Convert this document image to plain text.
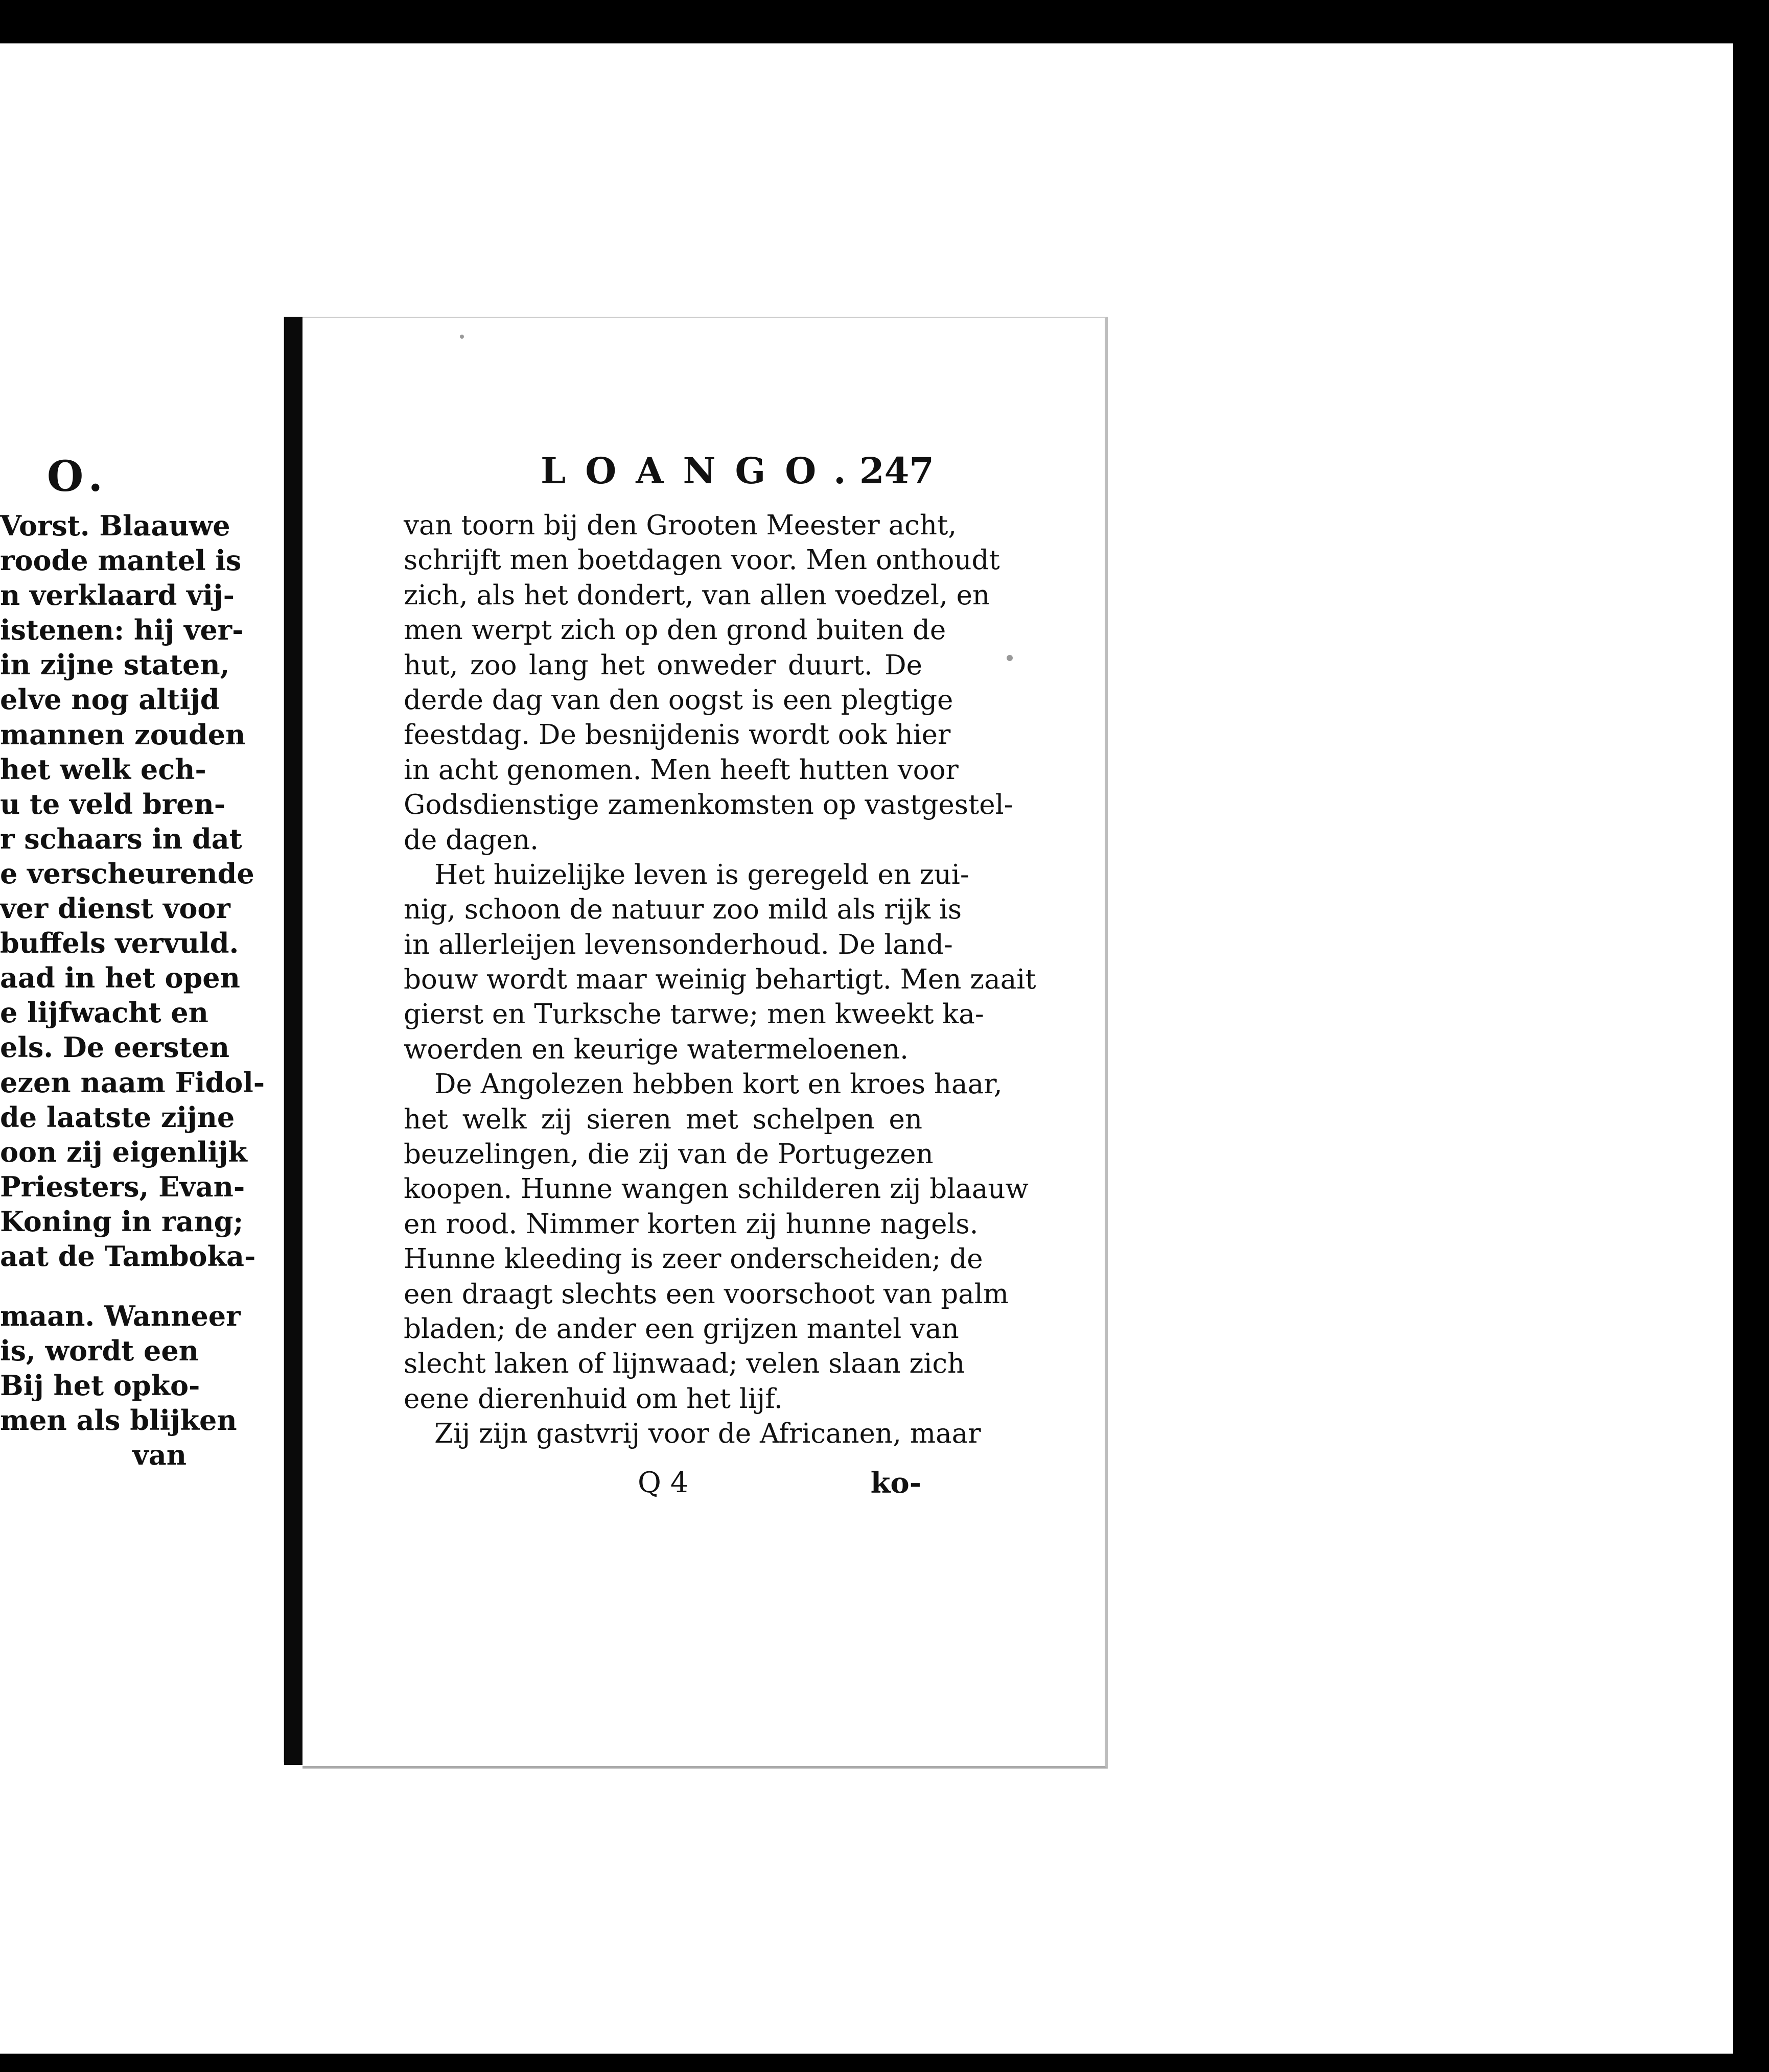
O.
Vorst. Blaauwe
roode mantel is
n verklaard vij-
istenen: hij ver-
in zijne staten,
elve nog altijd
mannen zouden
het welk ech-
u te veld bren-
r schaars in dat
e verscheurende
ver dienst voor
buffels vervuld.
aad in het open
e lijfwacht en
els. De eersten
ezen naam Fidol-
de laatste zijne
oon zij eigenlijk
Priesters, Evan-
Koning in rang;
aat de Tamboka-
maan. Wanneer
is, wordt een
Bij het opko-
men als blijken
van
LOANGO.
247
van toorn bij den Grooten Meester acht,
schrijft men boetdagen voor. Men onthoudt
zich, als het dondert, van allen voedzel, en
men werpt zich op den grond buiten de
hut, zoo lang het onweder duurt. De
derde dag van den oogst is een plegtige
feestdag. De besnijdenis wordt ook hier
in acht genomen. Men heeft hutten voor
Godsdienstige zamenkomsten op vastgestel-
de dagen.
Het huizelijke leven is geregeld en zui-
nig, schoon de natuur zoo mild als rijk is
in allerleijen levensonderhoud. De land-
bouw wordt maar weinig behartigt. Men zaait
gierst en Turksche tarwe; men kweekt ka-
woerden en keurige watermeloenen.
De Angolezen hebben kort en kroes haar,
het welk zij sieren met schelpen en
beuzelingen, die zij van de Portugezen
koopen. Hunne wangen schilderen zij blaauw
en rood. Nimmer korten zij hunne nagels.
Hunne kleeding is zeer onderscheiden; de
een draagt slechts een voorschoot van palm
bladen; de ander een grijzen mantel van
slecht laken of lijnwaad; velen slaan zich
eene dierenhuid om het lijf.
Zij zijn gastvrij voor de Africanen, maar
Q 4	ko-
